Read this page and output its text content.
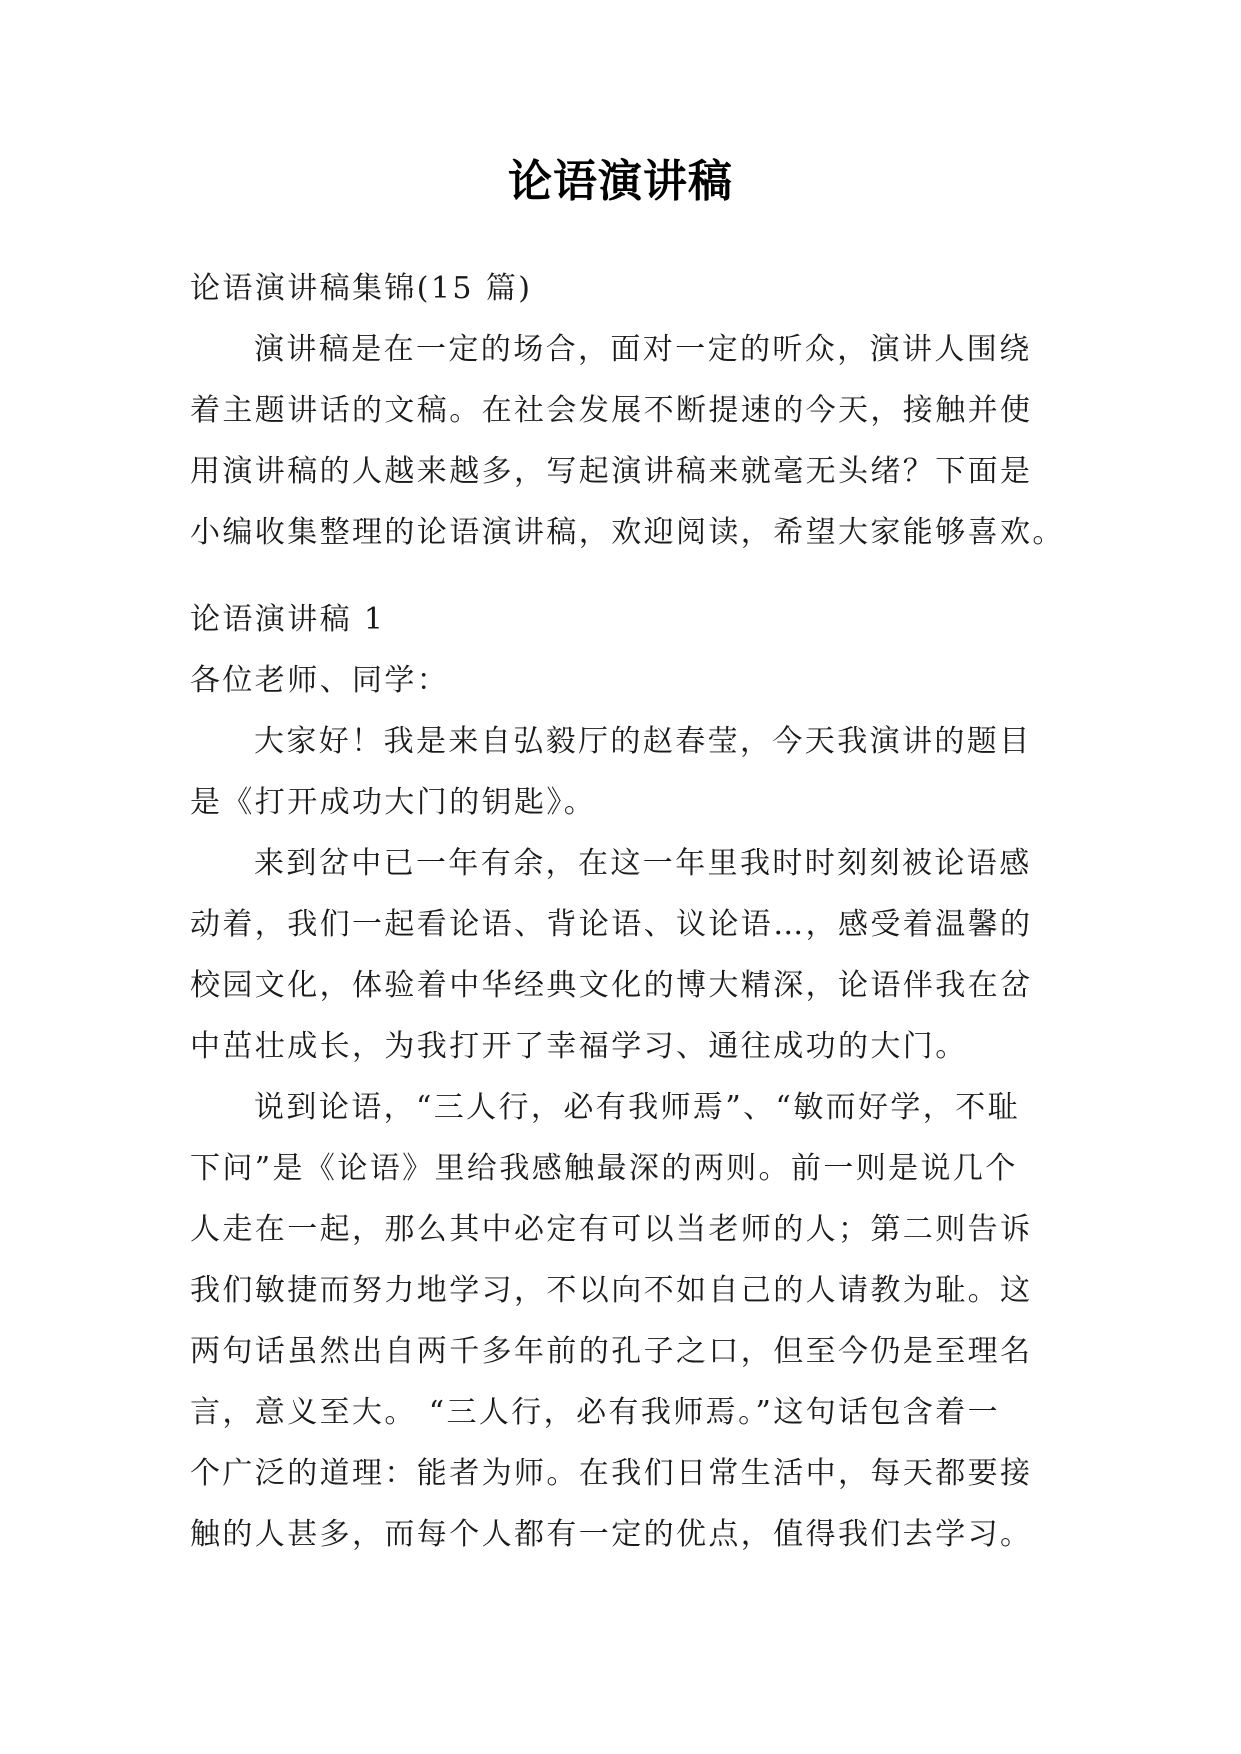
论语演讲稿
论语演讲稿集锦(15 篇)
演讲稿是在一定的场合，面对一定的听众，演讲人围绕
着主题讲话的文稿。在社会发展不断提速的今天，接触并使
用演讲稿的人越来越多，写起演讲稿来就毫无头绪？下面是
小编收集整理的论语演讲稿，欢迎阅读，希望大家能够喜欢。
论语演讲稿 1
各位老师、同学：
大家好！我是来自弘毅厅的赵春莹，今天我演讲的题目
是《打开成功大门的钥匙》。
来到岔中已一年有余，在这一年里我时时刻刻被论语感
动着，我们一起看论语、背论语、议论语…，感受着温馨的
校园文化，体验着中华经典文化的博大精深，论语伴我在岔
中茁壮成长，为我打开了幸福学习、通往成功的大门。
说到论语，“三人行，必有我师焉”、“敏而好学，不耻
下问”是《论语》里给我感触最深的两则。前一则是说几个
人走在一起，那么其中必定有可以当老师的人；第二则告诉
我们敏捷而努力地学习，不以向不如自己的人请教为耻。这
两句话虽然出自两千多年前的孔子之口，但至今仍是至理名
言，意义至大。 “三人行，必有我师焉。”这句话包含着一
个广泛的道理：能者为师。在我们日常生活中，每天都要接
触的人甚多，而每个人都有一定的优点，值得我们去学习。
